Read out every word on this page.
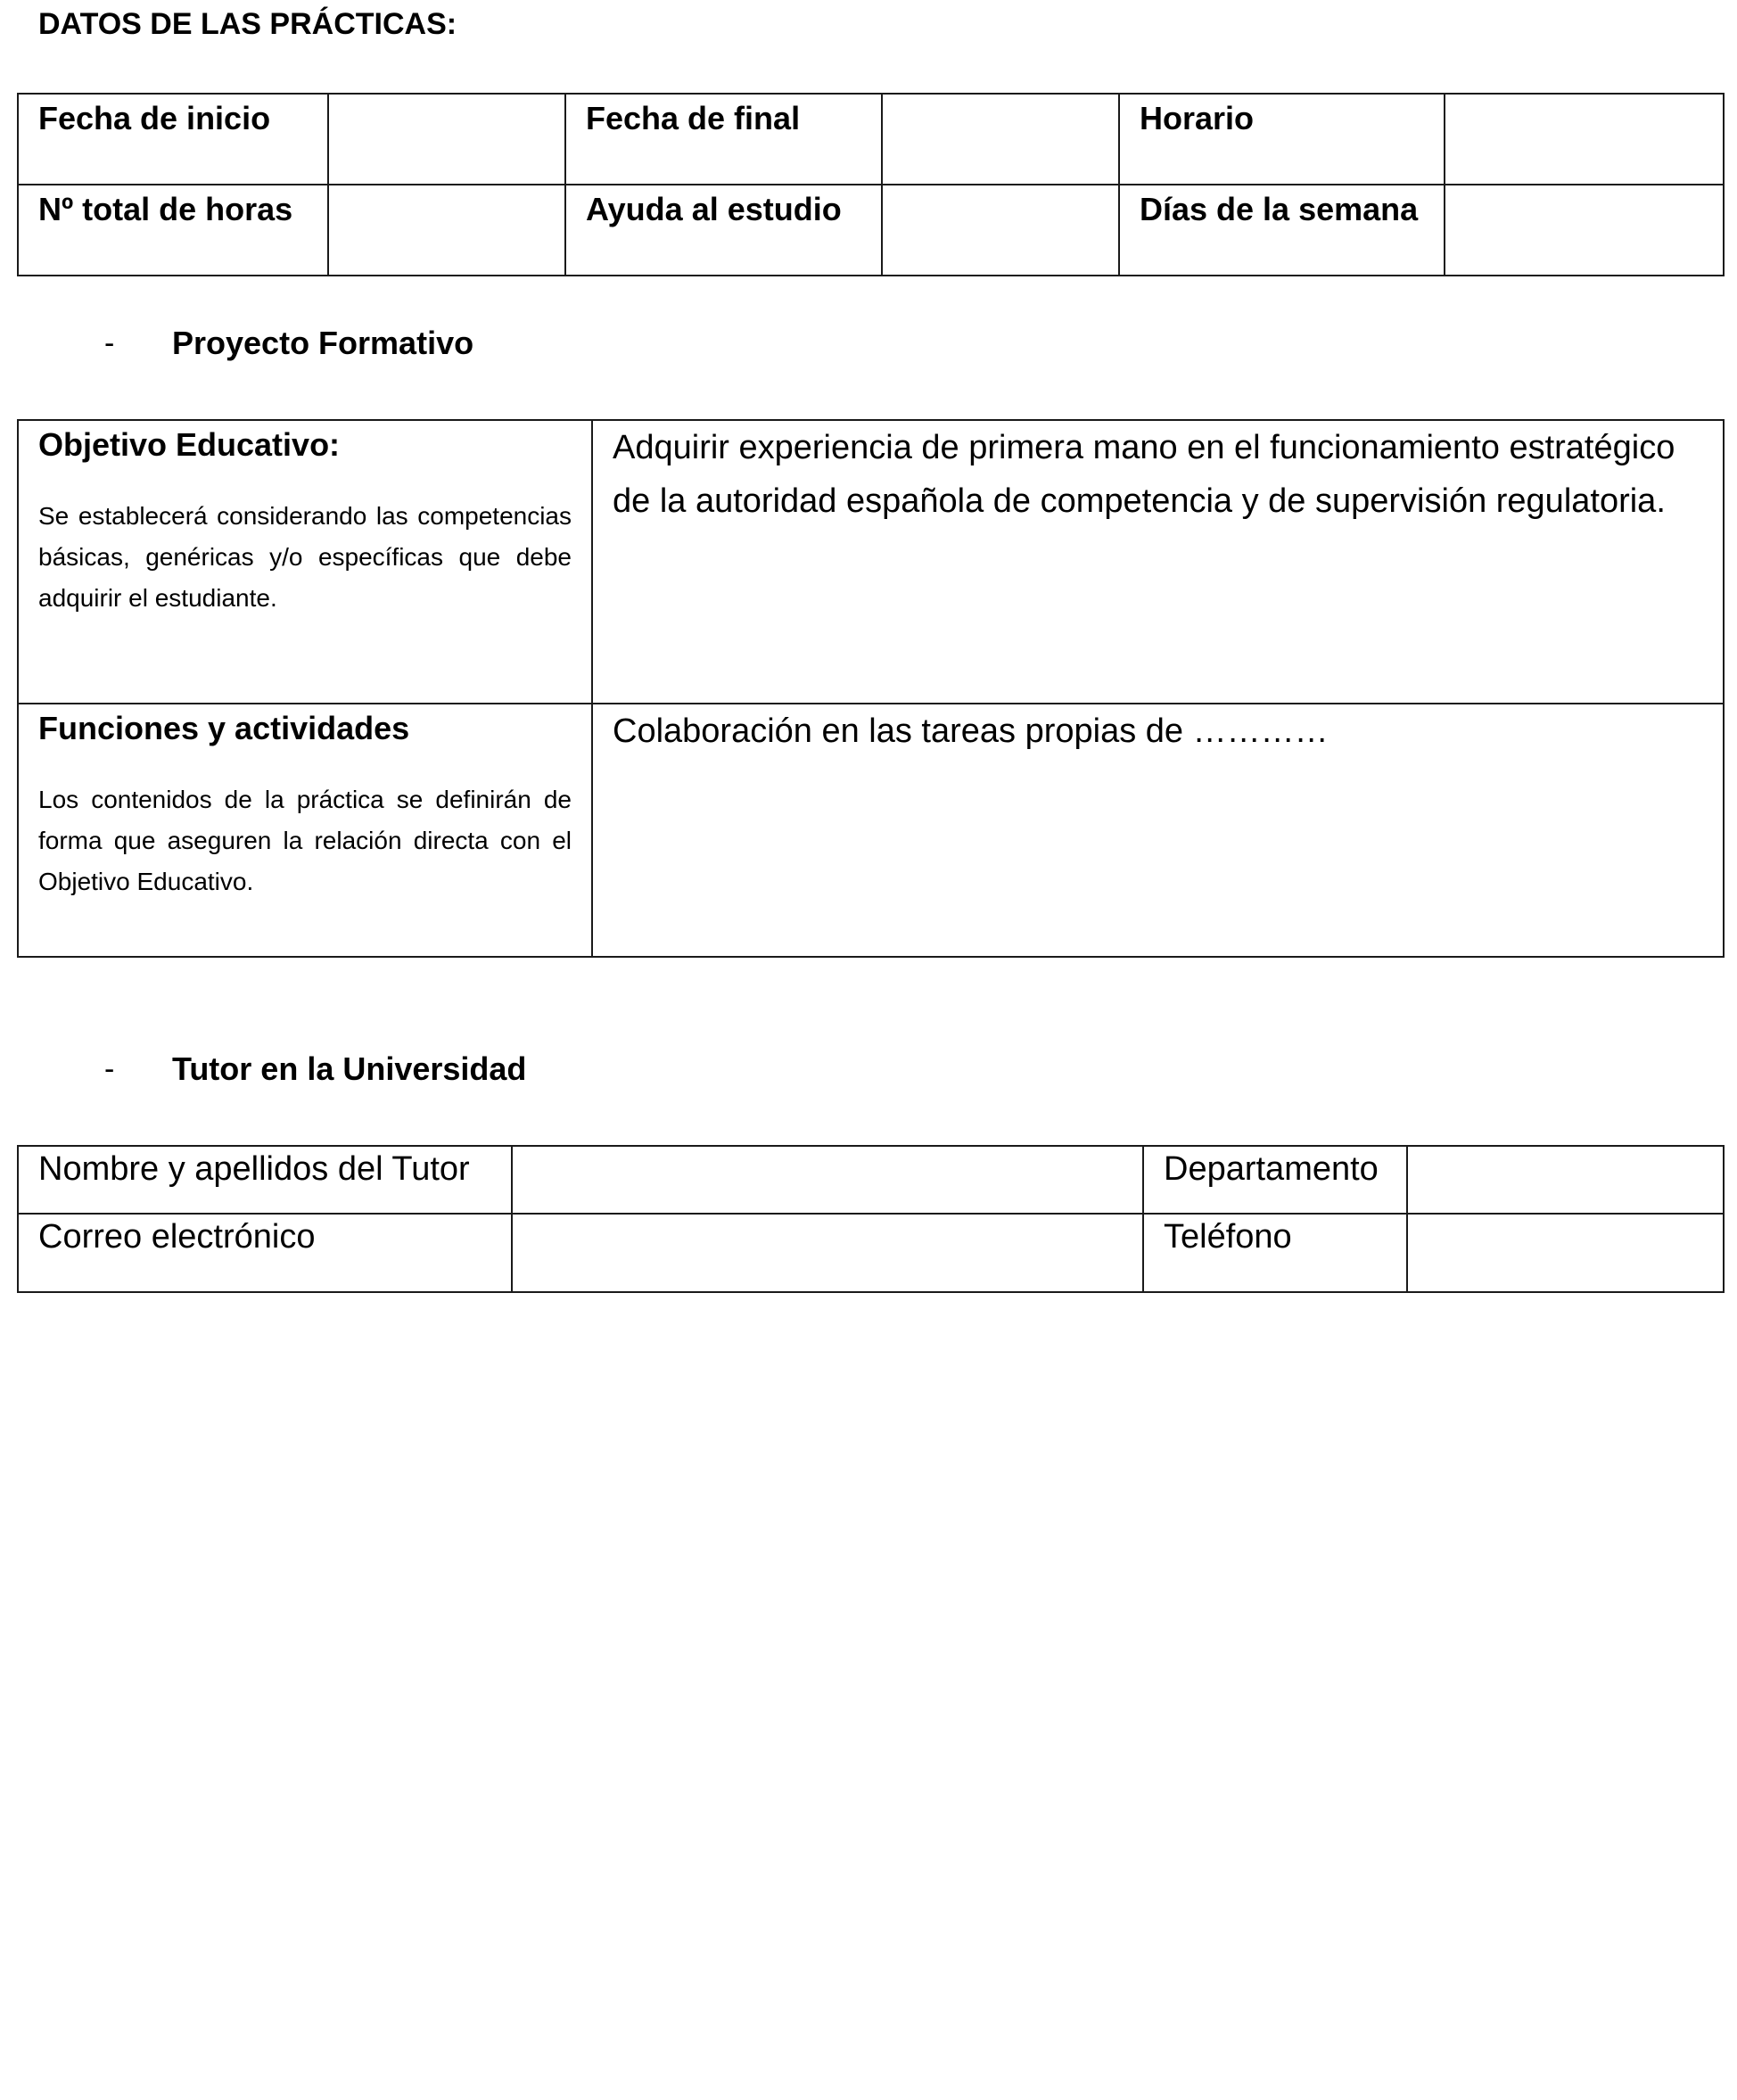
DATOS DE LAS PRÁCTICAS:
Fecha de inicio		Fecha de final		Horario	
Nº total de horas		Ayuda al estudio		Días de la semana	
- Proyecto Formativo
Objetivo Educativo:
Se establecerá considerando las competencias básicas, genéricas y/o específicas que debe adquirir el estudiante.	Adquirir experiencia de primera mano en el funcionamiento estratégico de la autoridad española de competencia y de supervisión regulatoria.

Funciones y actividades
Los contenidos de la práctica se definirán de forma que aseguren la relación directa con el Objetivo Educativo.	Colaboración en las tareas propias de …………
- Tutor en la Universidad
Nombre y apellidos del Tutor		Departamento	
Correo electrónico		Teléfono	
